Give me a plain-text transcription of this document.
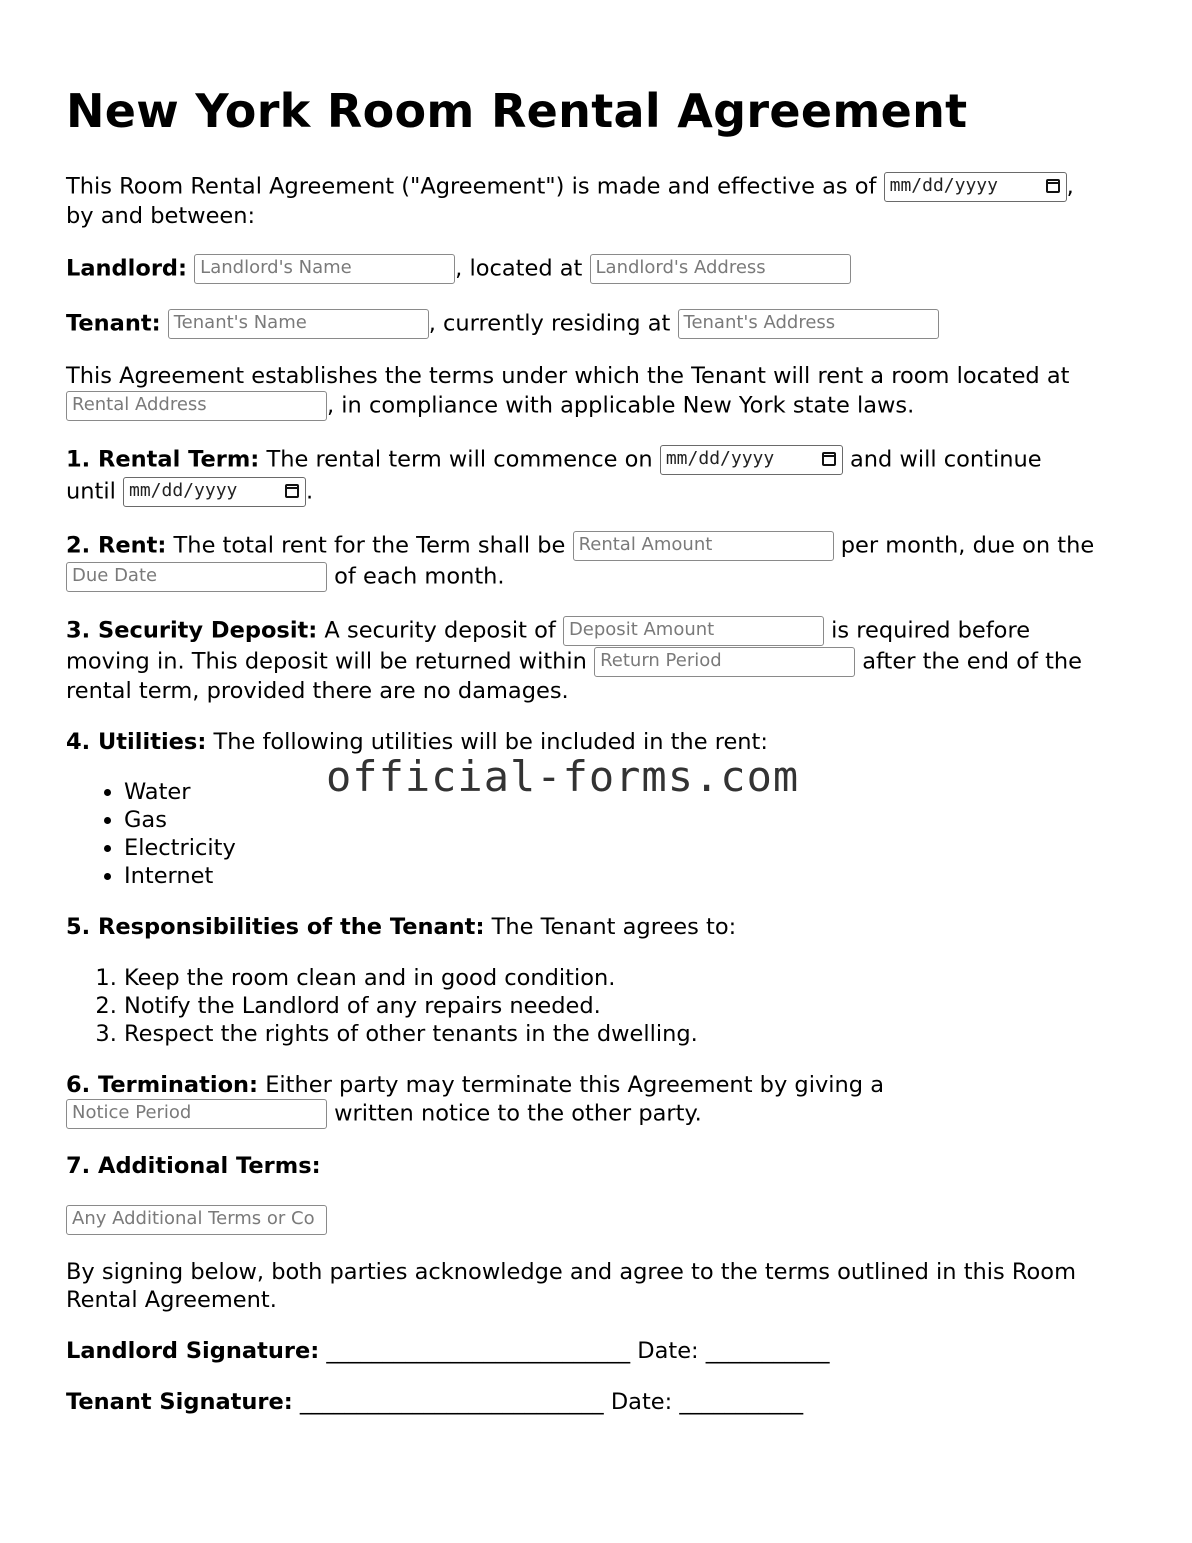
New York Room Rental Agreement
This Room Rental Agreement ("Agreement") is made and effective as of mm/dd/yyyy	,
by and between:
Landlord: Landlord's Name	, located at Landlord's Address
Tenant: Tenant's Name	, currently residing at Tenant's Address
This Agreement establishes the terms under which the Tenant will rent a room located at
Rental Address	, in compliance with applicable New York state laws.
1. Rental Term: The rental term will commence on mm/dd/yyyy	and will continue
until mm/dd/yyyy	.
2. Rent: The total rent for the Term shall be Rental Amount	per month, due on the
Due Date	of each month.
3. Security Deposit: A security deposit of Deposit Amount	is required before
moving in. This deposit will be returned within Return Period	after the end of the
rental term, provided there are no damages.
4. Utilities: The following utilities will be included in the rent:
• Water
• Gas
• Electricity
• Internet
official-forms.com
5. Responsibilities of the Tenant: The Tenant agrees to:
1. Keep the room clean and in good condition.
2. Notify the Landlord of any repairs needed.
3. Respect the rights of other tenants in the dwelling.
6. Termination: Either party may terminate this Agreement by giving a
Notice Period	written notice to the other party.
7. Additional Terms:
Any Additional Terms or Co
By signing below, both parties acknowledge and agree to the terms outlined in this Room
Rental Agreement.
Landlord Signature: ___________________________ Date: ___________
Tenant Signature: ___________________________ Date: ___________
